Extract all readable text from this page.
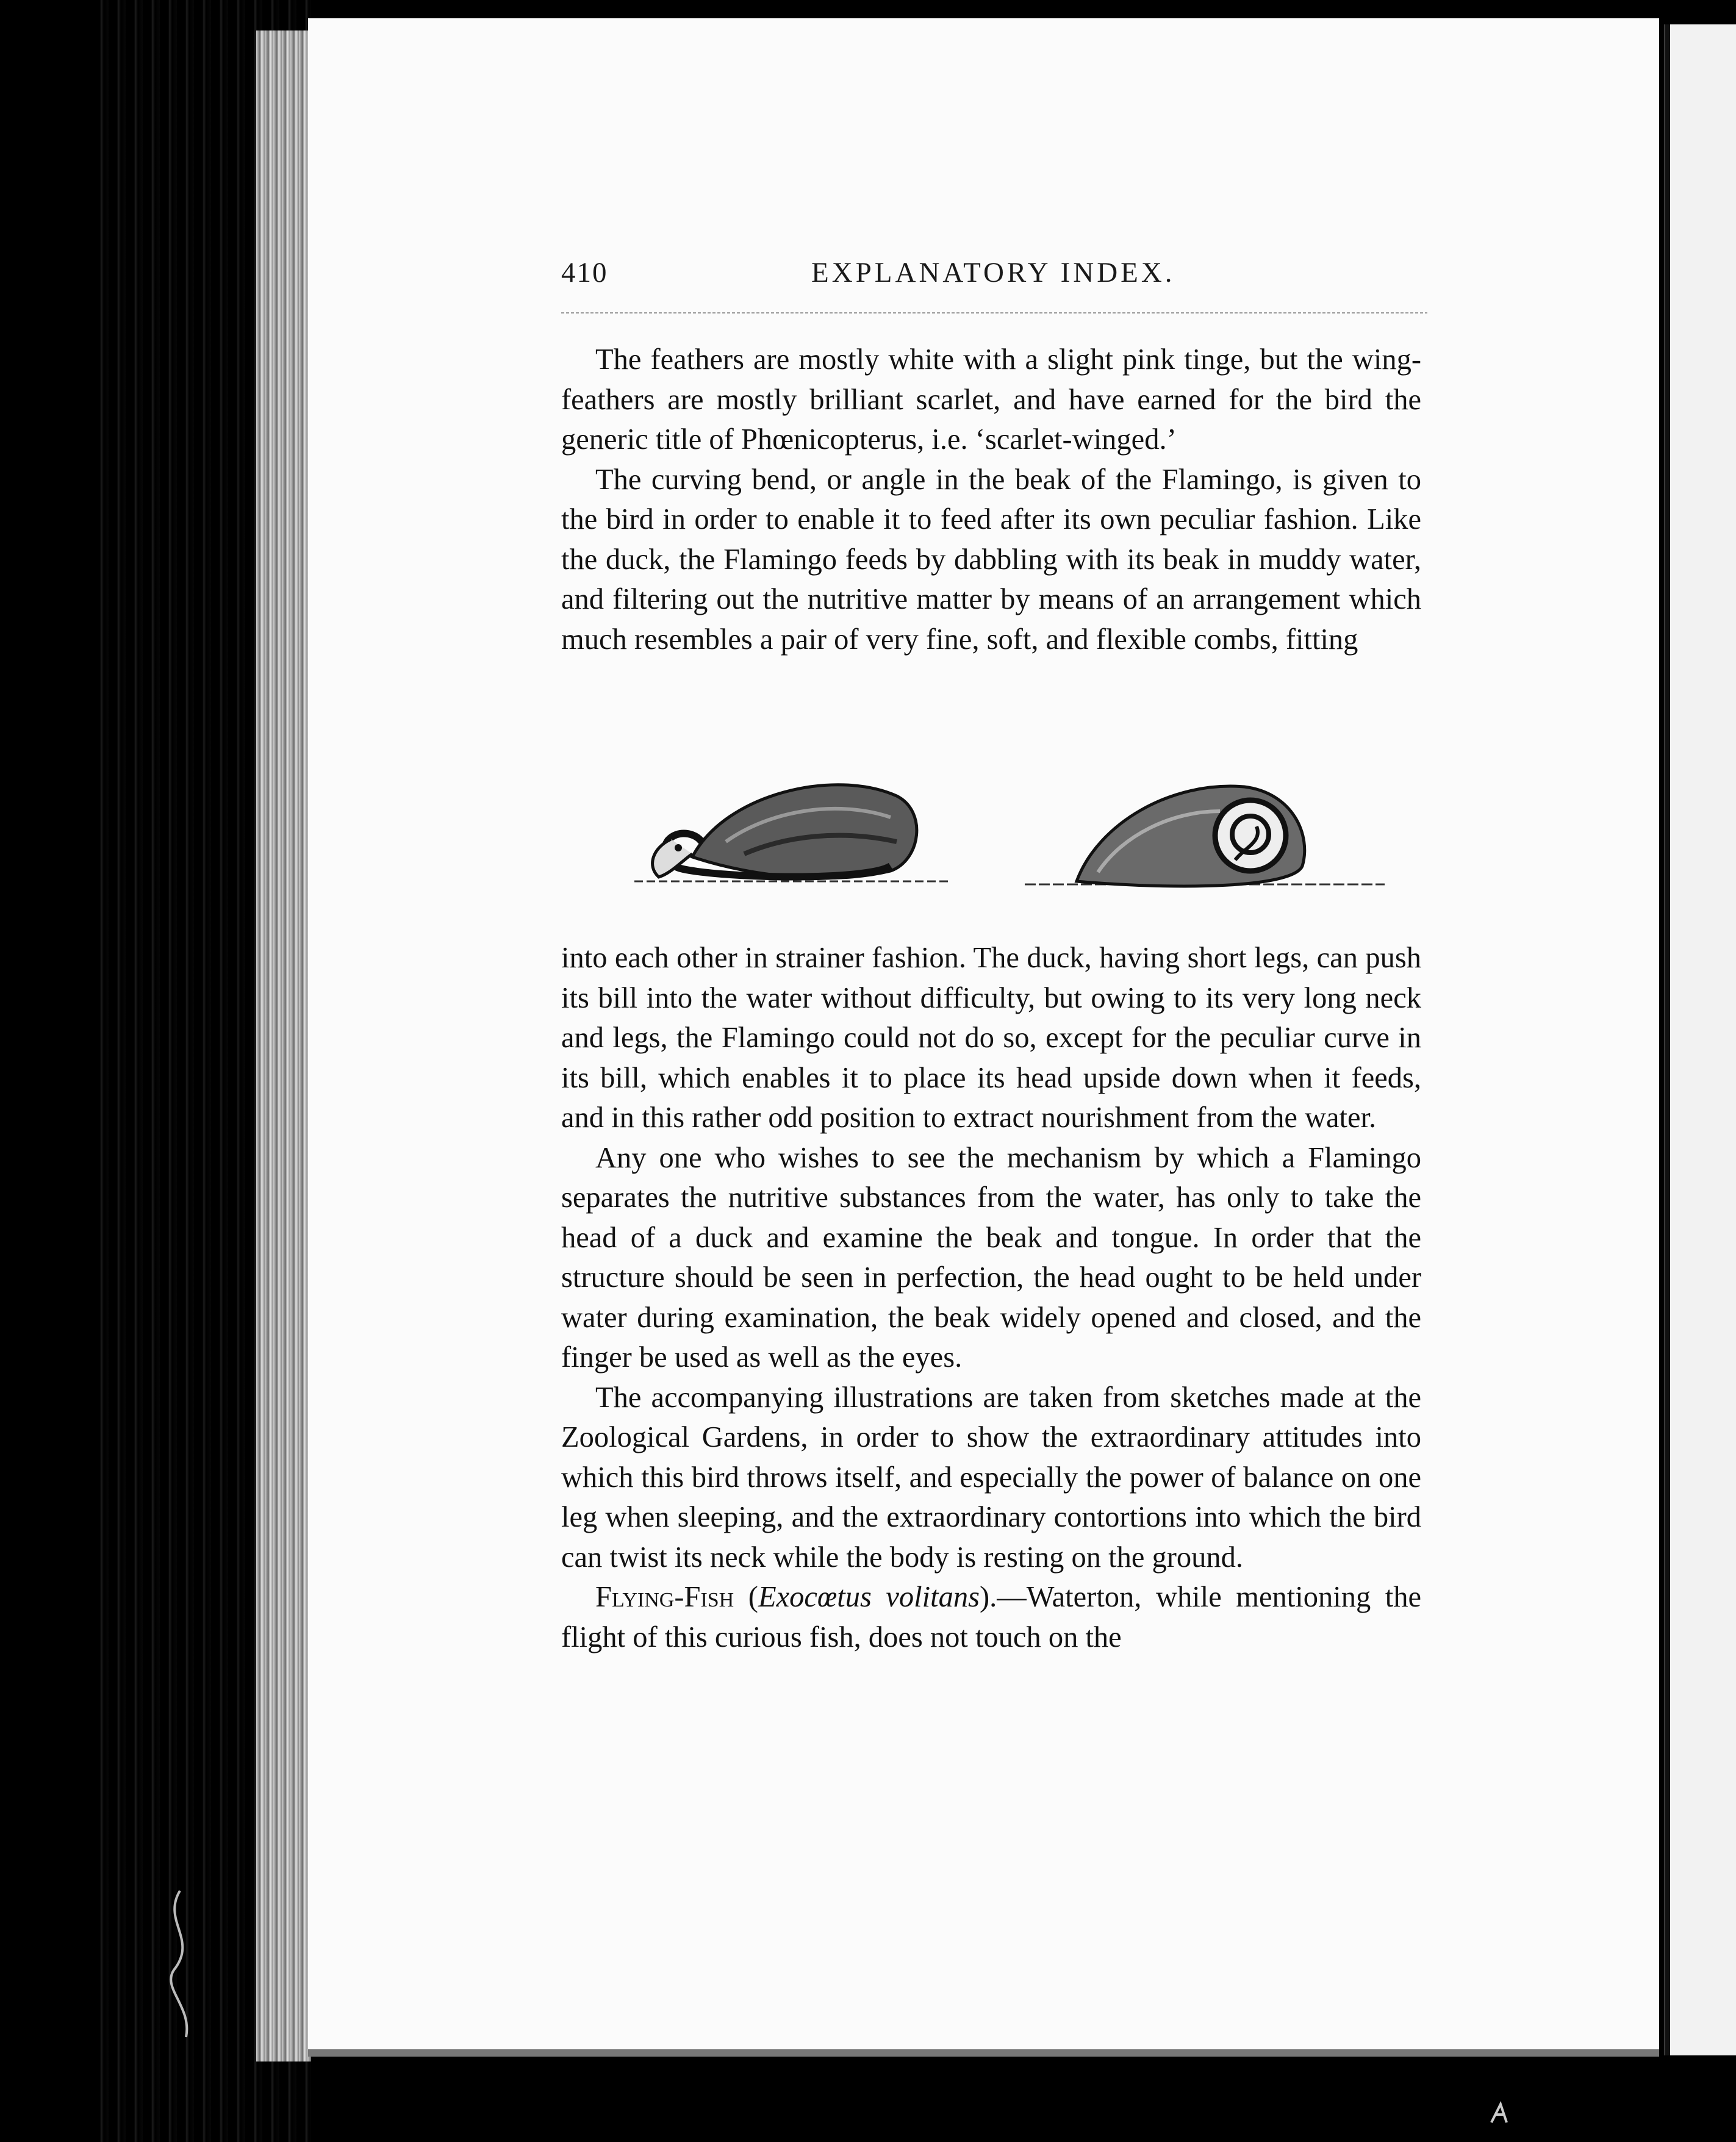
410	EXPLANATORY INDEX.

The feathers are mostly white with a slight pink tinge, but the wing-feathers are mostly brilliant scarlet, and have earned for the bird the generic title of Phœnicopterus, i.e. ‘scarlet-winged.’

The curving bend, or angle in the beak of the Flamingo, is given to the bird in order to enable it to feed after its own peculiar fashion. Like the duck, the Flamingo feeds by dabbling with its beak in muddy water, and filtering out the nutritive matter by means of an arrangement which much resembles a pair of very fine, soft, and flexible combs, fitting

into each other in strainer fashion. The duck, having short legs, can push its bill into the water without difficulty, but owing to its very long neck and legs, the Flamingo could not do so, except for the peculiar curve in its bill, which enables it to place its head upside down when it feeds, and in this rather odd position to extract nourishment from the water.

Any one who wishes to see the mechanism by which a Flamingo separates the nutritive substances from the water, has only to take the head of a duck and examine the beak and tongue. In order that the structure should be seen in perfection, the head ought to be held under water during examination, the beak widely opened and closed, and the finger be used as well as the eyes.

The accompanying illustrations are taken from sketches made at the Zoological Gardens, in order to show the extraordinary attitudes into which this bird throws itself, and especially the power of balance on one leg when sleeping, and the extraordinary contortions into which the bird can twist its neck while the body is resting on the ground.

Flying-Fish (Exocœtus volitans).—Waterton, while mentioning the flight of this curious fish, does not touch on the
